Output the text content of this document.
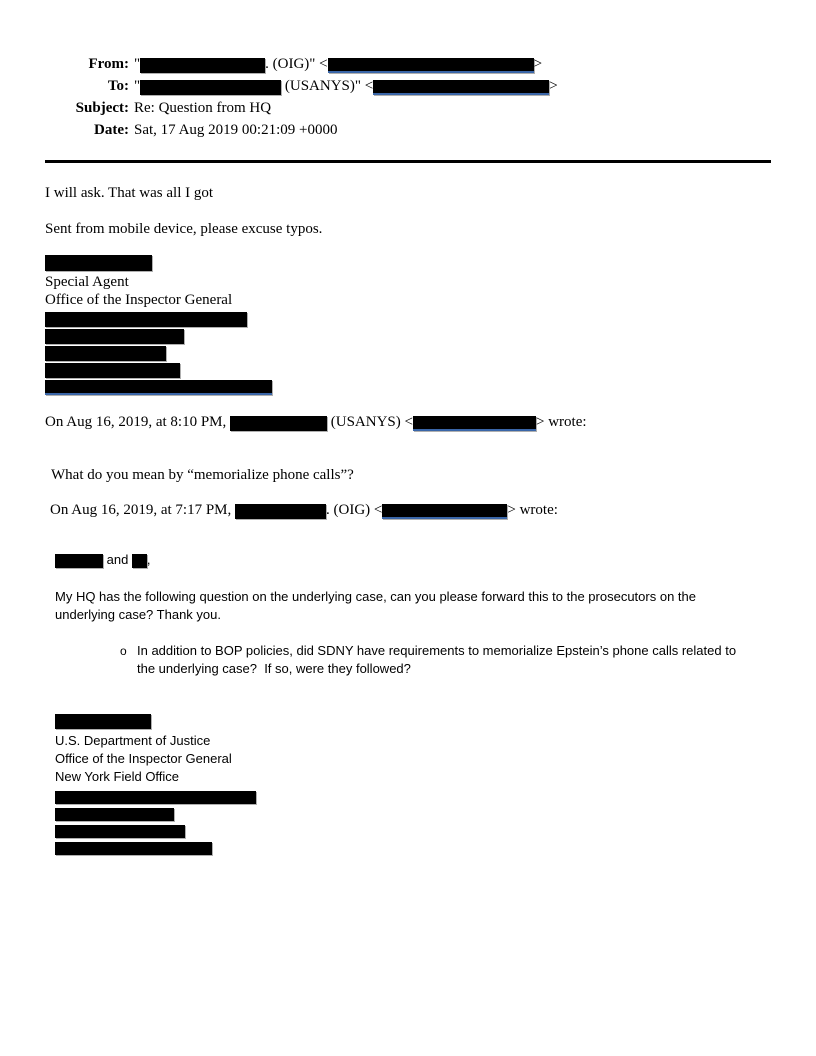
From: "	. (OIG)" <	>
To: "	(USANYS)" <	>
Subject: Re: Question from HQ
Date: Sat, 17 Aug 2019 00:21:09 +0000
I will ask. That was all I got
Sent from mobile device, please excuse typos.
Special Agent
Office of the Inspector General
On Aug 16, 2019, at 8:10 PM,	(USANYS) <	> wrote:
What do you mean by “memorialize phone calls”?
On Aug 16, 2019, at 7:17 PM,	. (OIG) <	> wrote:
and ,
My HQ has the following question on the underlying case, can you please forward this to the prosecutors on the
underlying case? Thank you.
o In addition to BOP policies, did SDNY have requirements to memorialize Epstein’s phone calls related to
the underlying case?  If so, were they followed?
U.S. Department of Justice
Office of the Inspector General
New York Field Office
